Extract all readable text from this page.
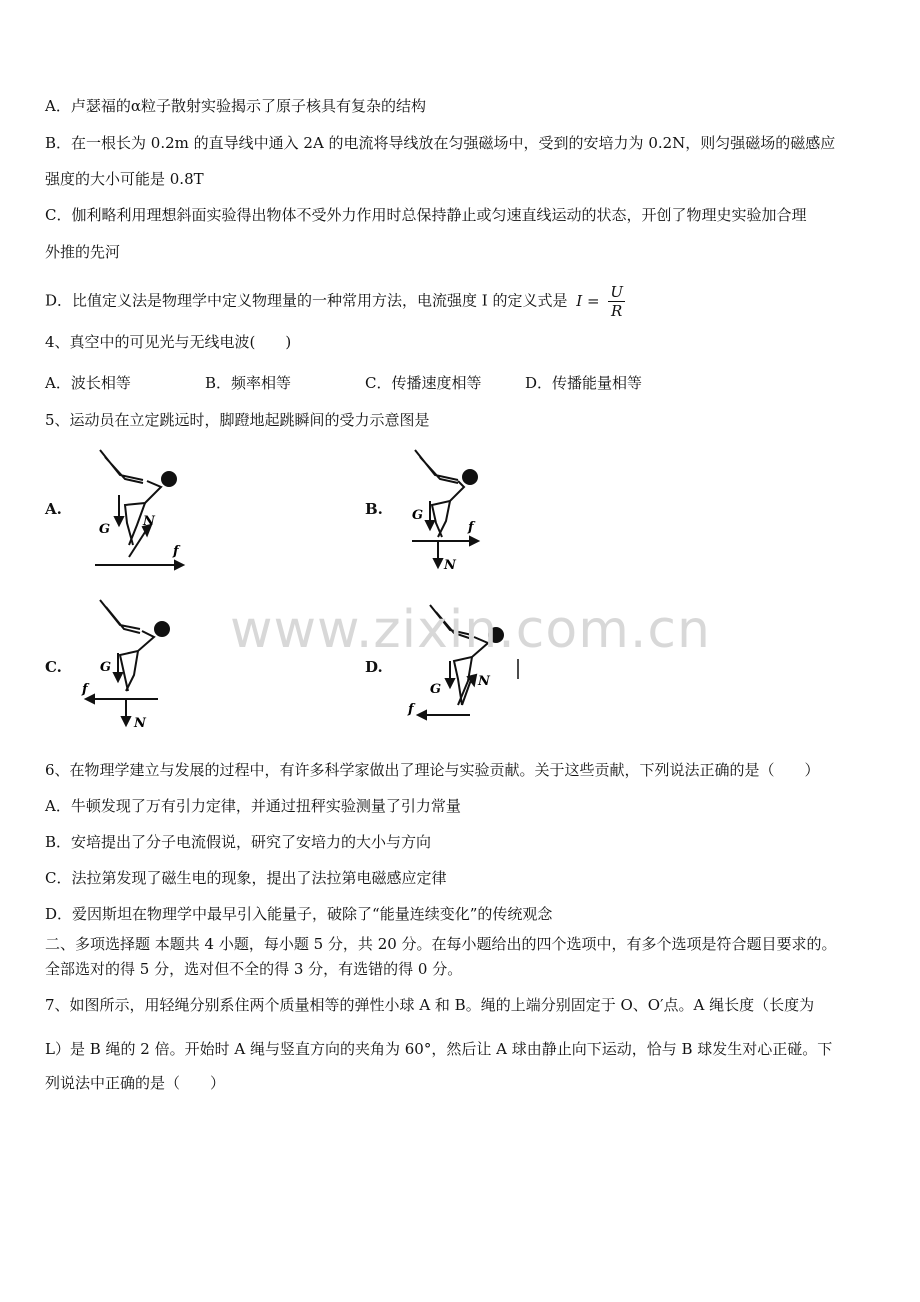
A．卢瑟福的α粒子散射实验揭示了原子核具有复杂的结构
B．在一根长为 0.2m 的直导线中通入 2A 的电流将导线放在匀强磁场中，受到的安培力为 0.2N，则匀强磁场的磁感应
强度的大小可能是 0.8T
C．伽利略利用理想斜面实验得出物体不受外力作用时总保持静止或匀速直线运动的状态，开创了物理史实验加合理
外推的先河
D．比值定义法是物理学中定义物理量的一种常用方法，电流强度 I 的定义式是 $I = \frac{U}{R}$
4、真空中的可见光与无线电波(　　)
A．波长相等	B．频率相等	C．传播速度相等	D．传播能量相等
5、运动员在立定跳远时，脚蹬地起跳瞬间的受力示意图是
A.	B.
C.	D.
G
N
f
G
N
f
G
N
f	G
N
f
www.zixin.com.cn
6、在物理学建立与发展的过程中，有许多科学家做出了理论与实验贡献。关于这些贡献，下列说法正确的是（　　）
A．牛顿发现了万有引力定律，并通过扭秤实验测量了引力常量
B．安培提出了分子电流假说，研究了安培力的大小与方向
C．法拉第发现了磁生电的现象，提出了法拉第电磁感应定律
D．爱因斯坦在物理学中最早引入能量子，破除了“能量连续变化”的传统观念
二、多项选择题 本题共 4 小题，每小题 5 分，共 20 分。在每小题给出的四个选项中，有多个选项是符合题目要求的。
全部选对的得 5 分，选对但不全的得 3 分，有选错的得 0 分。
7、如图所示，用轻绳分别系住两个质量相等的弹性小球 A 和 B。绳的上端分别固定于 O、O′点。A 绳长度（长度为
L）是 B 绳的 2 倍。开始时 A 绳与竖直方向的夹角为 60°，然后让 A 球由静止向下运动，恰与 B 球发生对心正碰。下
列说法中正确的是（　　）
